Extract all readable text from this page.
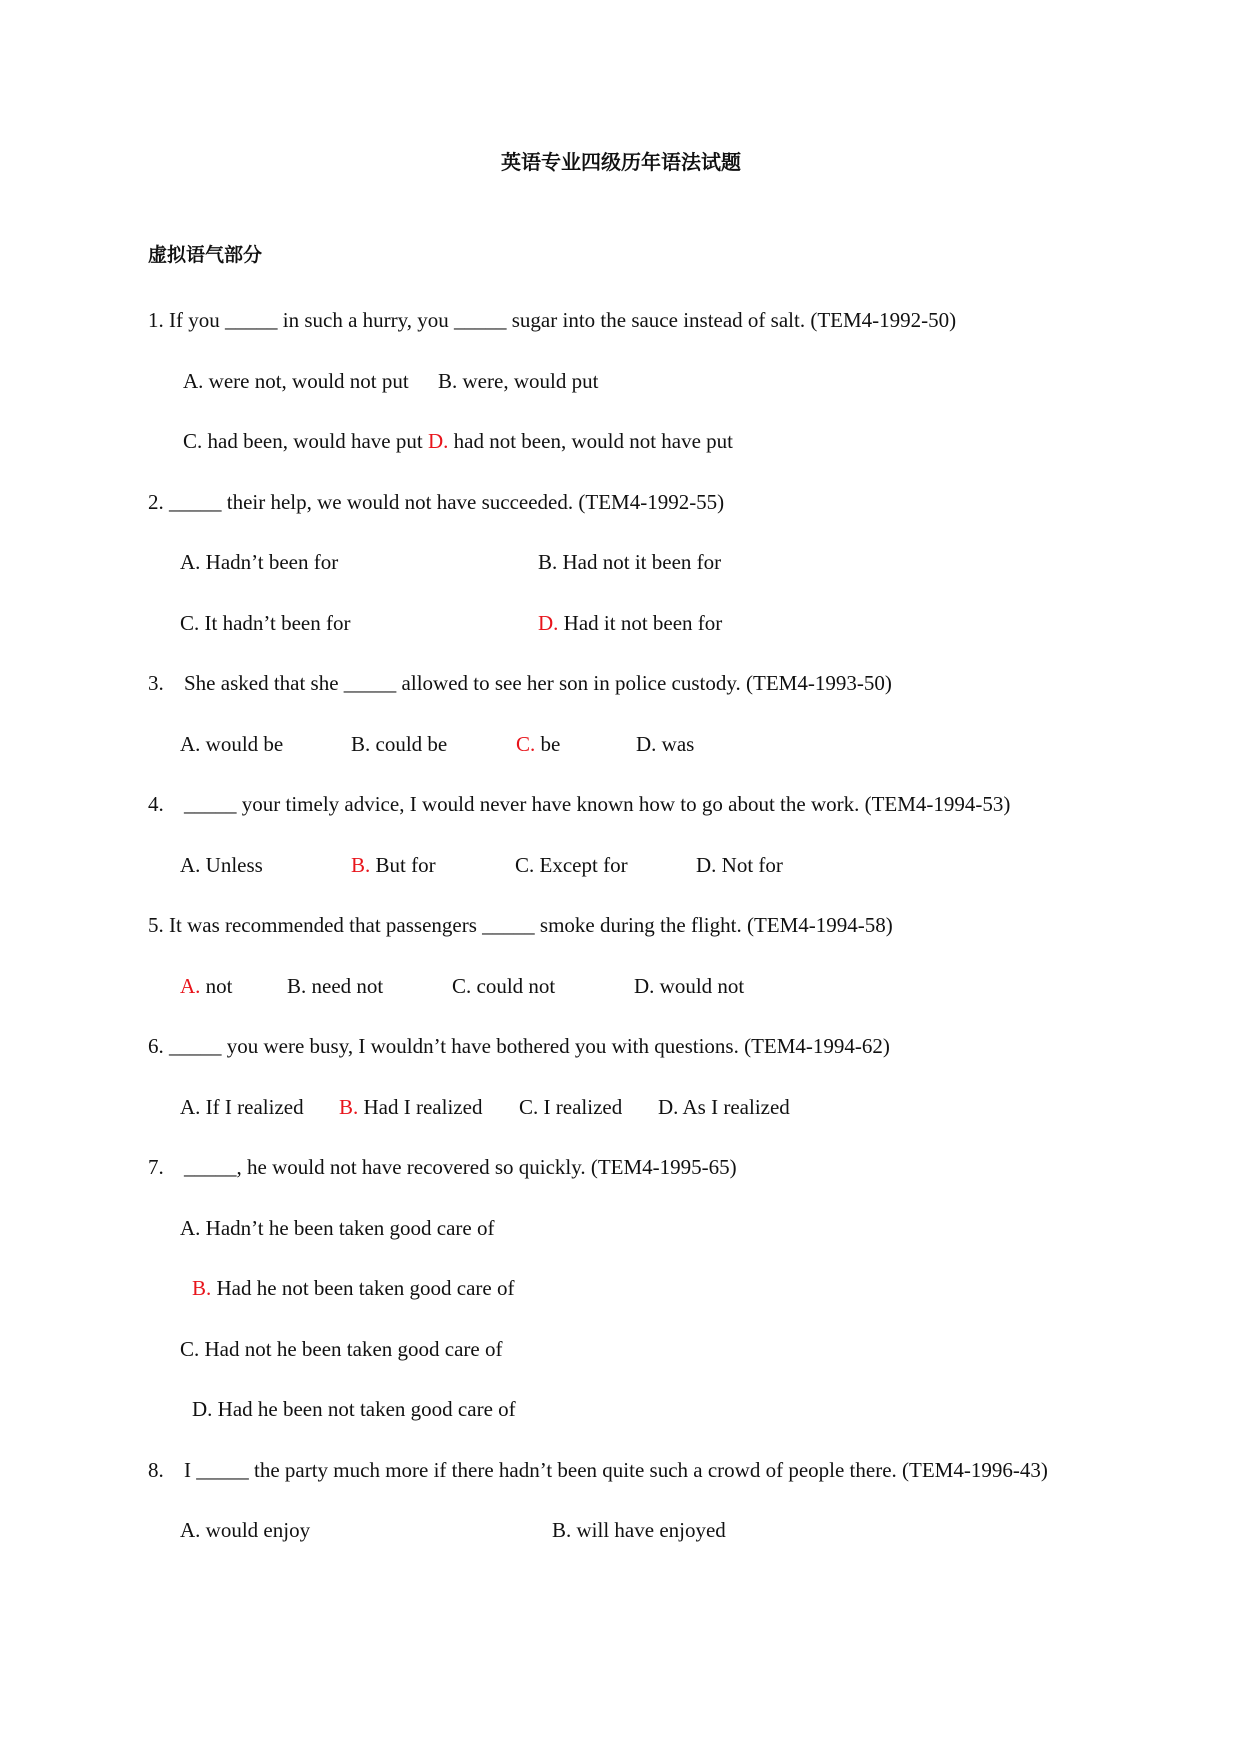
英语专业四级历年语法试题
虚拟语气部分
1. If you _____ in such a hurry, you _____ sugar into the sauce instead of salt. (TEM4-1992-50)
A. were not, would not put B. were, would put
C. had been, would have put D. had not been, would not have put
2. _____ their help, we would not have succeeded. (TEM4-1992-55)
A. Hadn’t been for	B. Had not it been for
C. It hadn’t been for	D. Had it not been for
3. She asked that she _____ allowed to see her son in police custody. (TEM4-1993-50)
A. would be	B. could be	C. be	D. was
4. _____ your timely advice, I would never have known how to go about the work. (TEM4-1994-53)
A. Unless	B. But for	C. Except for	D. Not for
5. It was recommended that passengers _____ smoke during the flight. (TEM4-1994-58)
A. not	B. need not	C. could not	D. would not
6. _____ you were busy, I wouldn’t have bothered you with questions. (TEM4-1994-62)
A. If I realized B. Had I realized C. I realized D. As I realized
7. _____, he would not have recovered so quickly. (TEM4-1995-65)
A. Hadn’t he been taken good care of
B. Had he not been taken good care of
C. Had not he been taken good care of
D. Had he been not taken good care of
8. I _____ the party much more if there hadn’t been quite such a crowd of people there. (TEM4-1996-43)
A. would enjoy	B. will have enjoyed
